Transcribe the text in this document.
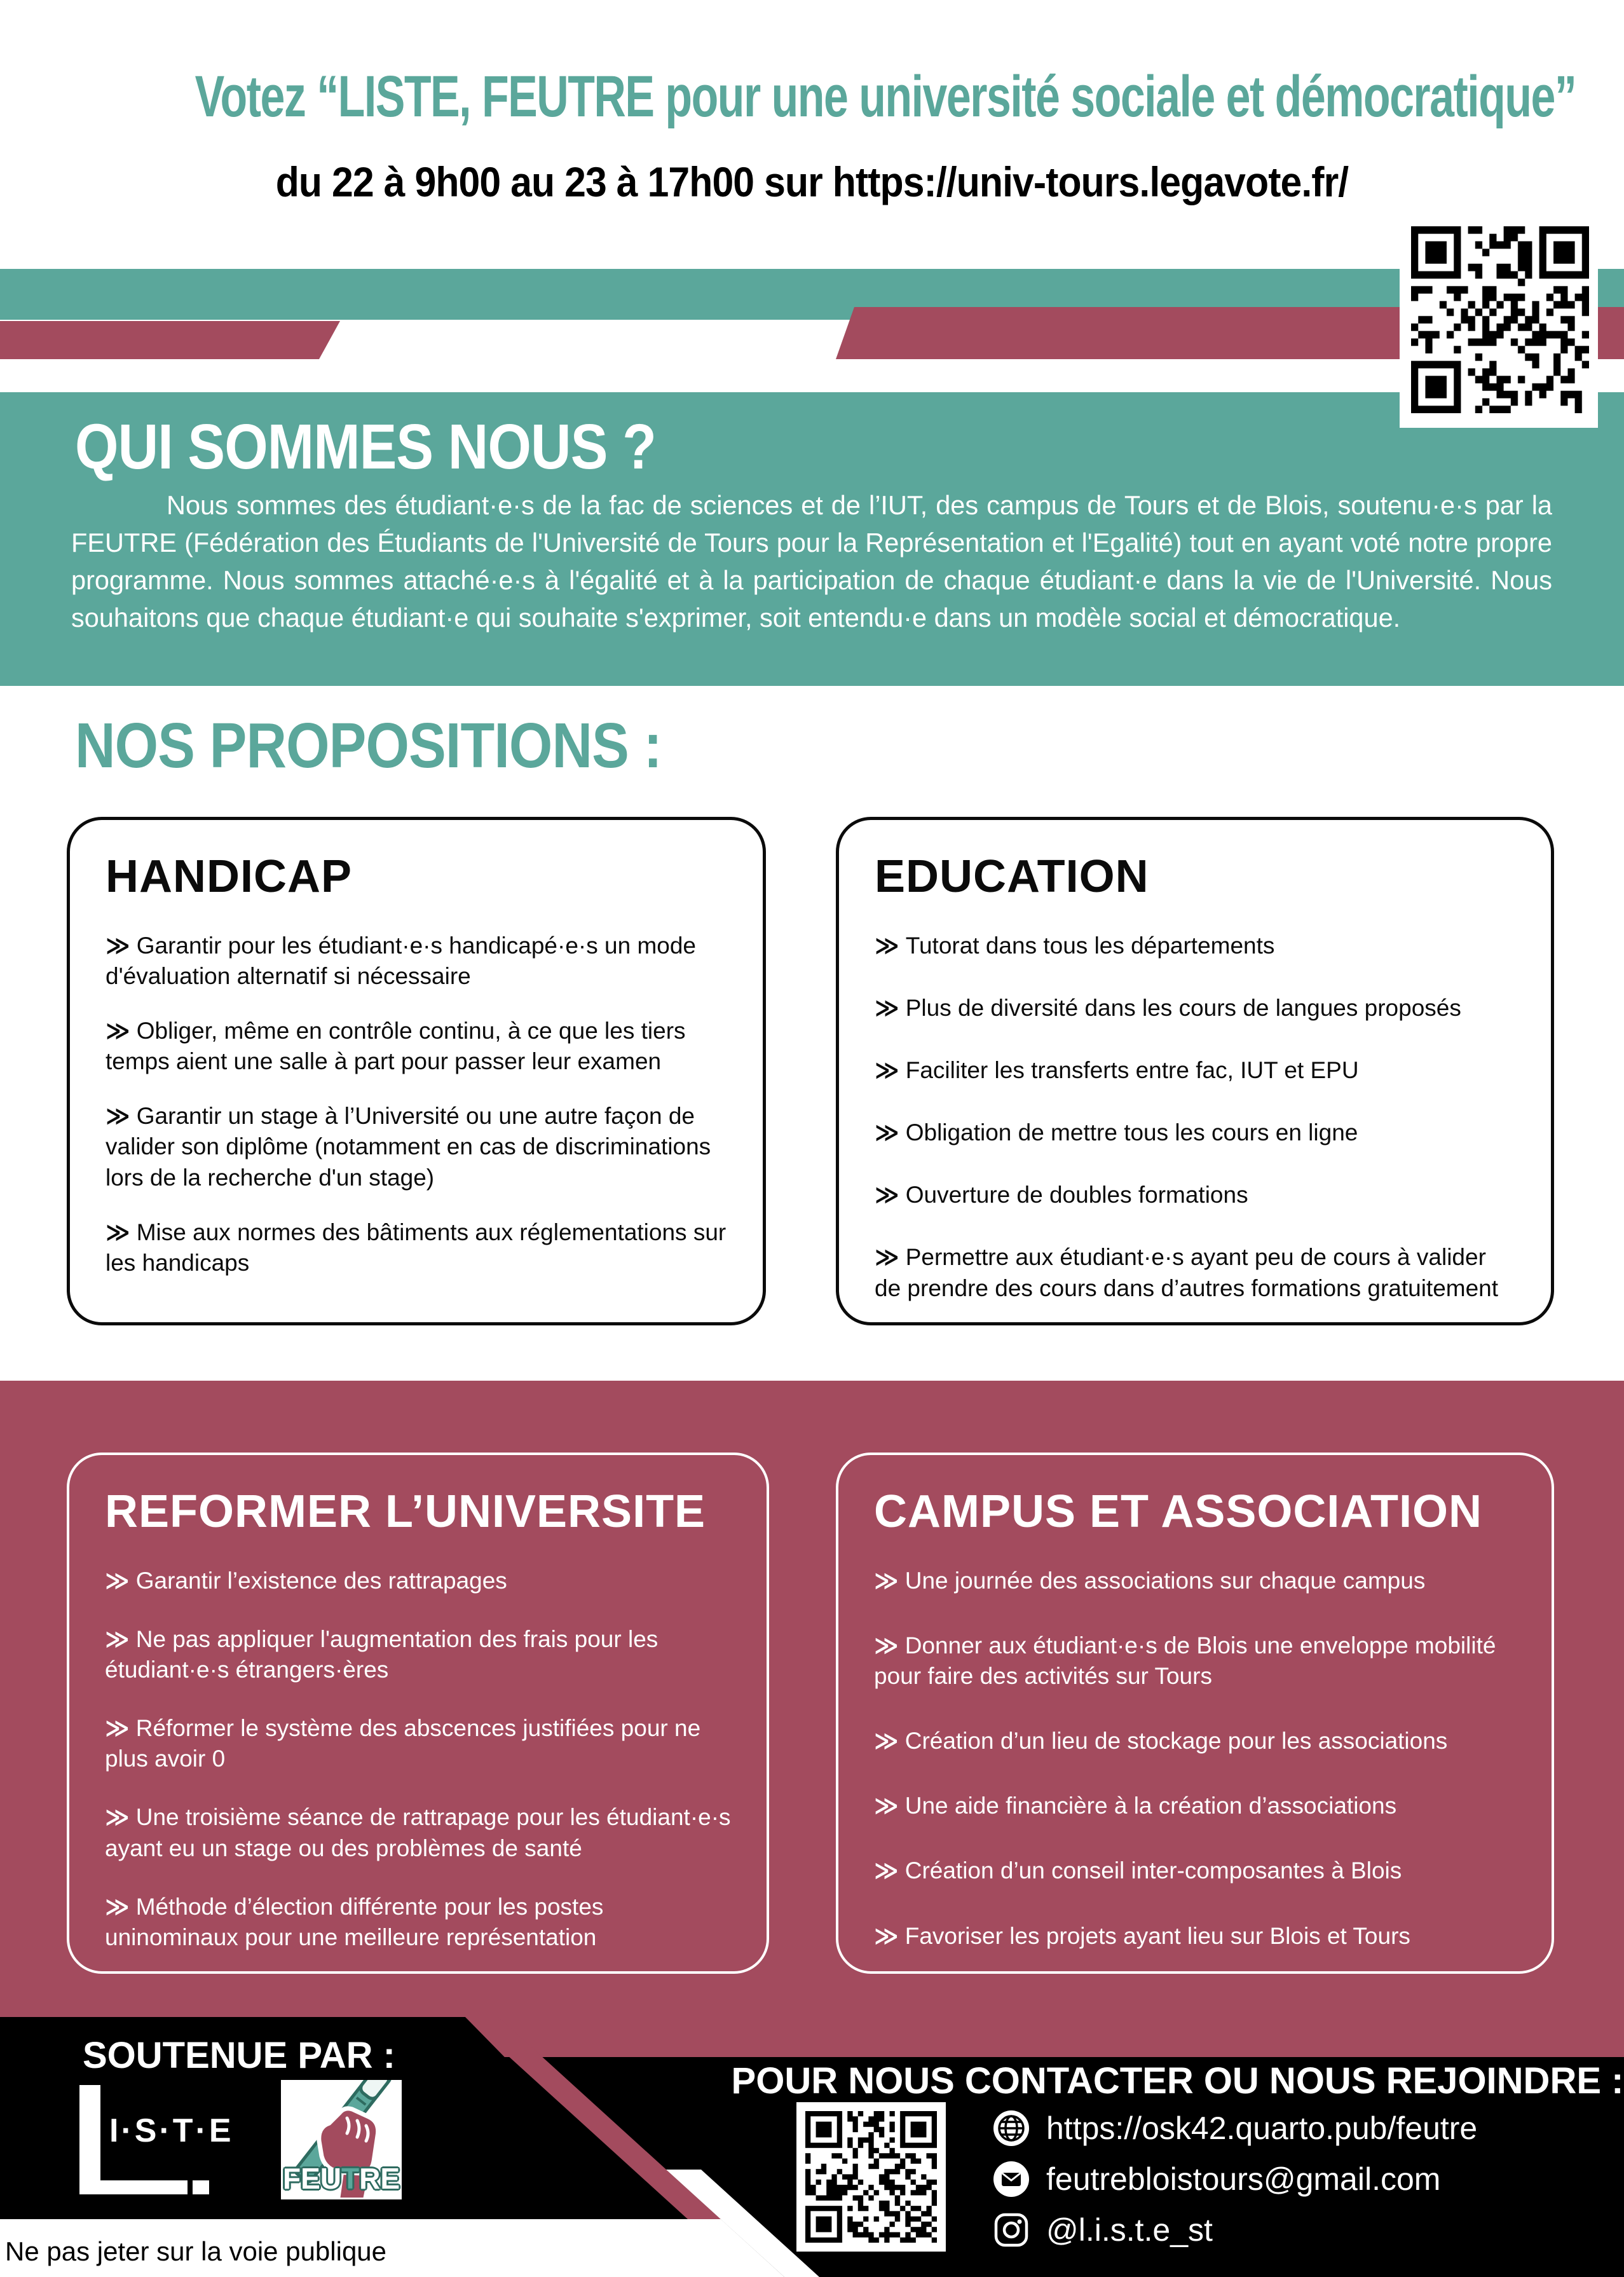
Votez “LISTE, FEUTRE pour une université sociale et démocratique”
du 22 à 9h00 au 23 à 17h00 sur https://univ-tours.legavote.fr/
QUI SOMMES NOUS ?
Nous sommes des étudiant·e·s de la fac de sciences et de l’IUT, des campus de Tours et de Blois, soutenu·e·s par la FEUTRE (Fédération des Étudiants de l'Université de Tours pour la Représentation et l'Egalité) tout en ayant voté notre propre programme. Nous sommes attaché·e·s à l'égalité et à la participation de chaque étudiant·e dans la vie de l'Université. Nous souhaitons que chaque étudiant·e qui souhaite s'exprimer, soit entendu·e dans un modèle social et démocratique.
NOS PROPOSITIONS :
HANDICAP
≫ Garantir pour les étudiant·e·s handicapé·e·s un mode d'évaluation alternatif si nécessaire
≫ Obliger, même en contrôle continu, à ce que les tiers temps aient une salle à part pour passer leur examen
≫ Garantir un stage à l’Université ou une autre façon de valider son diplôme (notamment en cas de discriminations lors de la recherche d'un stage)
≫ Mise aux normes des bâtiments aux réglementations sur les handicaps
EDUCATION
≫ Tutorat dans tous les départements
≫ Plus de diversité dans les cours de langues proposés
≫ Faciliter les transferts entre fac, IUT et EPU
≫ Obligation de mettre tous les cours en ligne
≫ Ouverture de doubles formations
≫ Permettre aux étudiant·e·s ayant peu de cours à valider de prendre des cours dans d’autres formations gratuitement
REFORMER L’UNIVERSITE
≫ Garantir l’existence des rattrapages
≫ Ne pas appliquer l'augmentation des frais pour les étudiant·e·s étrangers·ères
≫ Réformer le système des abscences justifiées pour ne plus avoir 0
≫ Une troisième séance de rattrapage pour les étudiant·e·s ayant eu un stage ou des problèmes de santé
≫ Méthode d’élection différente pour les postes uninominaux pour une meilleure représentation
CAMPUS ET ASSOCIATION
≫ Une journée des associations sur chaque campus
≫ Donner aux étudiant·e·s de Blois une enveloppe mobilité pour faire des activités sur Tours
≫ Création d’un lieu de stockage pour les associations
≫ Une aide financière à la création d’associations
≫ Création d’un conseil inter-composantes à Blois
≫ Favoriser les projets ayant lieu sur Blois et Tours
SOUTENUE PAR :
I·S·T·E
FEUTRE
POUR NOUS CONTACTER OU NOUS REJOINDRE :
https://osk42.quarto.pub/feutre
feutrebloistours@gmail.com
@l.i.s.t.e_st
Ne pas jeter sur la voie publique
